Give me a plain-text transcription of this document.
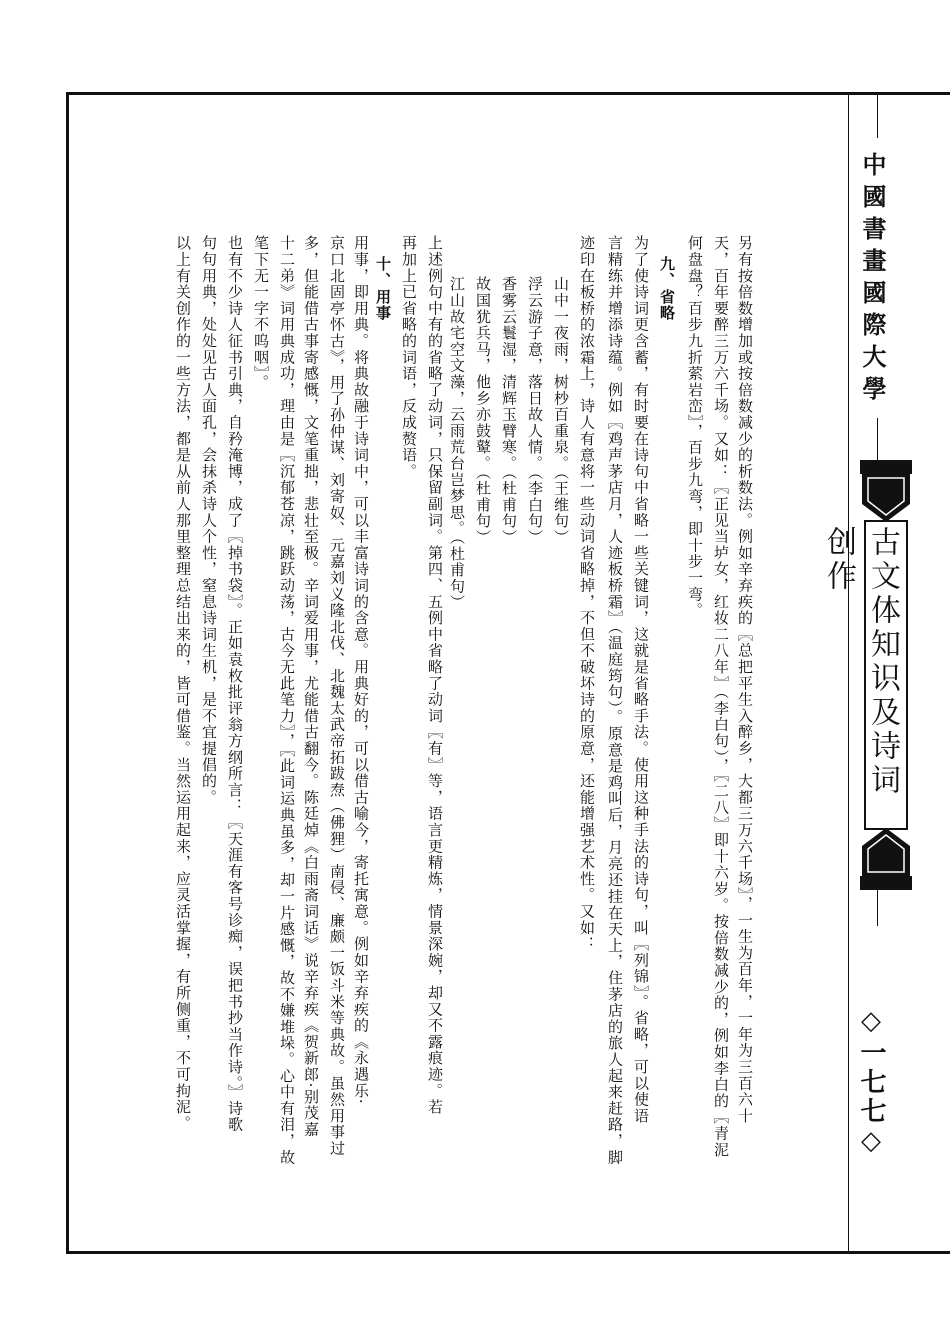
中國書畫國際大學
古文体知识及诗词创作
◇一七七◇
另有按倍数增加或按倍数减少的析数法。例如辛弃疾的〖总把平生入醉乡，大都三万六千场〗，一生为百年，一年为三百六十
天，百年要醉三万六千场。又如：〖正见当垆女，红妆二八年〗（李白句），〖二八〗即十六岁。按倍数减少的，例如李白的〖青泥
何盘盘？百步九折萦岩峦〗，百步九弯，即十步一弯。
九、省略
为了使诗词更含蓄，有时要在诗句中省略一些关键词，这就是省略手法。使用这种手法的诗句，叫〖列锦〗。省略，可以使语
言精练并增添诗蕴。例如〖鸡声茅店月，人迹板桥霜〗（温庭筠句）。原意是鸡叫后，月亮还挂在天上，住茅店的旅人起来赶路，脚
迹印在板桥的浓霜上，诗人有意将一些动词省略掉，不但不破坏诗的原意，还能增强艺术性。又如：
山中一夜雨，树杪百重泉。（王维句）
浮云游子意，落日故人情。（李白句）
香雾云鬟湿，清辉玉臂寒。（杜甫句）
故国犹兵马，他乡亦鼓鼙。（杜甫句）
江山故宅空文藻，云雨荒台岂梦思。（杜甫句）
上述例句中有的省略了动词，只保留副词。第四、五例中省略了动词〖有〗等，语言更精炼，情景深婉，却又不露痕迹。若
再加上已省略的词语，反成赘语。
十、用事
用事，即用典。将典故融于诗词中，可以丰富诗词的含意。用典好的，可以借古喻今，寄托寓意。例如辛弃疾的《永遇乐·
京口北固亭怀古》，用了孙仲谋、刘寄奴、元嘉刘义隆北伐、北魏太武帝拓跋焘（佛狸）南侵、廉颇一饭斗米等典故。虽然用事过
多，但能借古事寄感慨，文笔重拙，悲壮至极。辛词爱用事，尤能借古翻今。陈廷焯《白雨斋词话》说辛弃疾《贺新郎·别茂嘉
十二弟》词用典成功，理由是〖沉郁苍凉，跳跃动荡，古今无此笔力〗，〖此词运典虽多，却一片感慨，故不嫌堆垛。心中有泪，故
笔下无一字不呜咽〗。
也有不少诗人征书引典，自矜淹博，成了〖掉书袋〗。正如袁枚批评翁方纲所言：〖天涯有客号诊痴，误把书抄当作诗。〗诗歌
句句用典，处处见古人面孔，会抹杀诗人个性，窒息诗词生机，是不宜提倡的。
以上有关创作的一些方法，都是从前人那里整理总结出来的，皆可借鉴。当然运用起来，应灵活掌握，有所侧重，不可拘泥。
